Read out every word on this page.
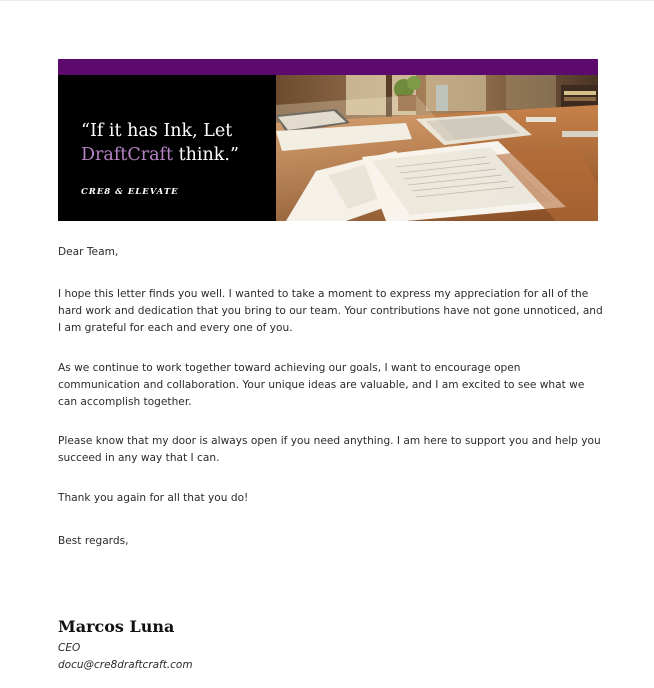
“If it has Ink, Let
DraftCraft think.”
CRE8 & ELEVATE

Dear Team,

I hope this letter finds you well. I wanted to take a moment to express my appreciation for all of the hard work and dedication that you bring to our team. Your contributions have not gone unnoticed, and I am grateful for each and every one of you.

As we continue to work together toward achieving our goals, I want to encourage open communication and collaboration. Your unique ideas are valuable, and I am excited to see what we can accomplish together.

Please know that my door is always open if you need anything. I am here to support you and help you succeed in any way that I can.

Thank you again for all that you do!

Best regards,

Marcos Luna
CEO
docu@cre8draftcraft.com
